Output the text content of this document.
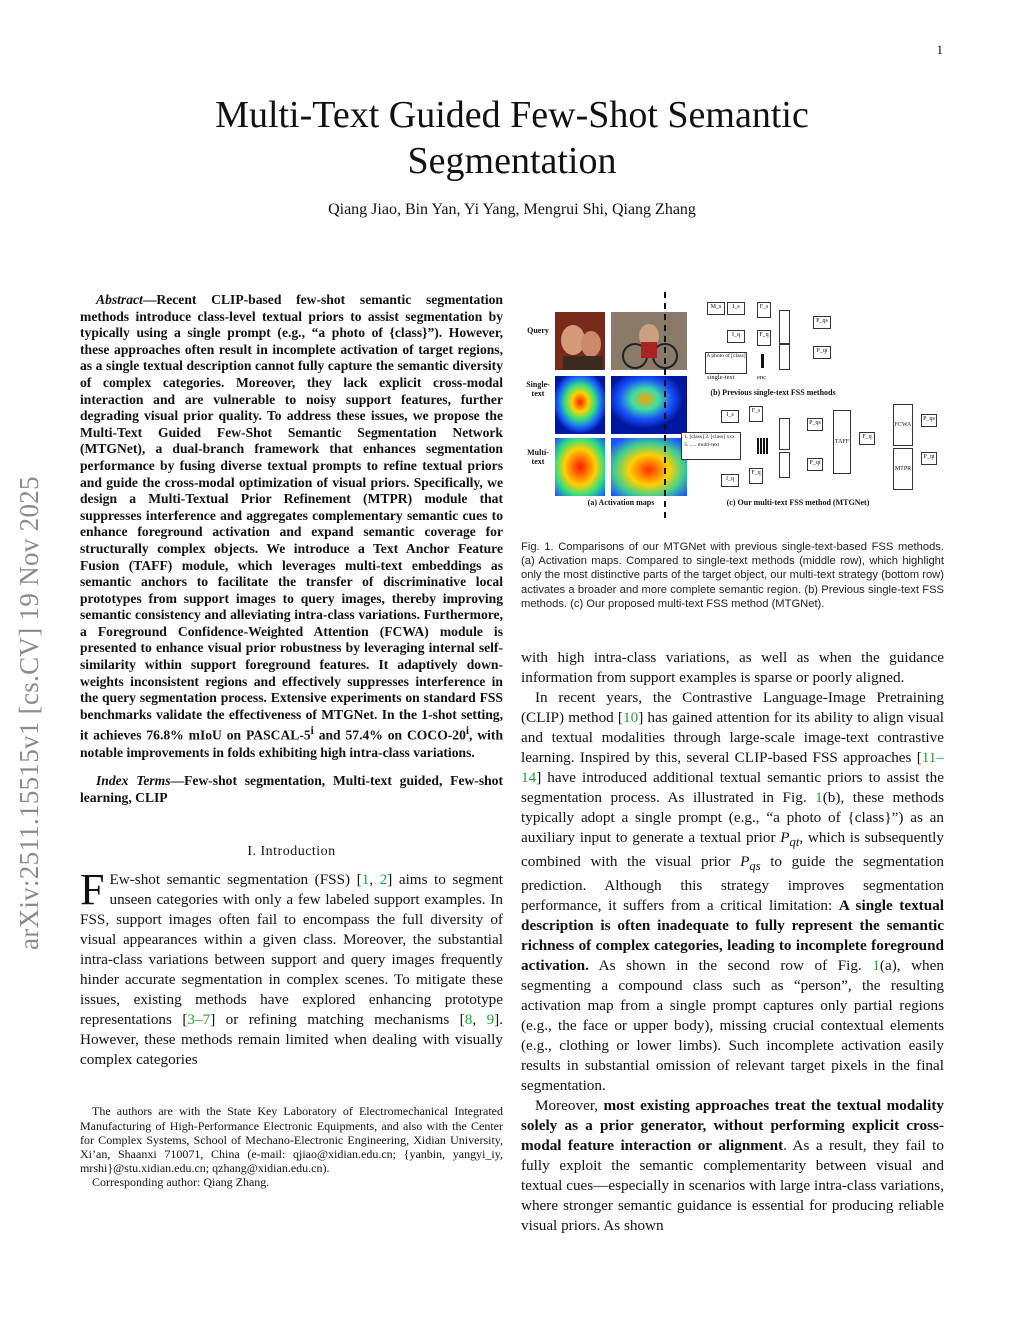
1
arXiv:2511.15515v1 [cs.CV] 19 Nov 2025
Multi-Text Guided Few-Shot Semantic
Segmentation
Qiang Jiao, Bin Yan, Yi Yang, Mengrui Shi, Qiang Zhang

Abstract—Recent CLIP-based few-shot semantic segmentation methods introduce class-level textual priors to assist segmentation by typically using a single prompt (e.g., “a photo of {class}”). However, these approaches often result in incomplete activation of target regions, as a single textual description cannot fully capture the semantic diversity of complex categories. Moreover, they lack explicit cross-modal interaction and are vulnerable to noisy support features, further degrading visual prior quality. To address these issues, we propose the Multi-Text Guided Few-Shot Semantic Segmentation Network (MTGNet), a dual-branch framework that enhances segmentation performance by fusing diverse textual prompts to refine textual priors and guide the cross-modal optimization of visual priors. Specifically, we design a Multi-Textual Prior Refinement (MTPR) module that suppresses interference and aggregates complementary semantic cues to enhance foreground activation and expand semantic coverage for structurally complex objects. We introduce a Text Anchor Feature Fusion (TAFF) module, which leverages multi-text embeddings as semantic anchors to facilitate the transfer of discriminative local prototypes from support images to query images, thereby improving semantic consistency and alleviating intra-class variations. Furthermore, a Foreground Confidence-Weighted Attention (FCWA) module is presented to enhance visual prior robustness by leveraging internal self-similarity within support foreground features. It adaptively down-weights inconsistent regions and effectively suppresses interference in the query segmentation process. Extensive experiments on standard FSS benchmarks validate the effectiveness of MTGNet. In the 1-shot setting, it achieves 76.8% mIoU on PASCAL-5$^i$ and 57.4% on COCO-20$^i$, with notable improvements in folds exhibiting high intra-class variations.

Index Terms—Few-shot segmentation, Multi-text guided, Few-shot learning, CLIP

I. Introduction

F Ew-shot semantic segmentation (FSS) [1, 2] aims to segment unseen categories with only a few labeled support examples. In FSS, support images often fail to encompass the full diversity of visual appearances within a given class. Moreover, the substantial intra-class variations between support and query images frequently hinder accurate segmentation in complex scenes. To mitigate these issues, existing methods have explored enhancing prototype representations [3–7] or refining matching mechanisms [8, 9]. However, these methods remain limited when dealing with visually complex categories

The authors are with the State Key Laboratory of Electromechanical Integrated Manufacturing of High-Performance Electronic Equipments, and also with the Center for Complex Systems, School of Mechano-Electronic Engineering, Xidian University, Xi’an, Shaanxi 710071, China (e-mail: qjiao@xidian.edu.cn; {yanbin, yangyi_iy, mrshi}@stu.xidian.edu.cn; qzhang@xidian.edu.cn).

Corresponding author: Qiang Zhang.

Query
Single-text
Multi-text
(a) Activation maps
M_s	I_s
I_q
F_s
F_q
P_qs
P_qt
A photo of [class]
single-text	enc
(b) Previous single-text FSS methods
I_s
F_s
1. [class] 2. [class] xxx 3. ..... multi-text
I_q
F_q
P_qs
P_qt
TAFF
F_q
FCWA
MTPR
P_qs
P_qt
(c) Our multi-text FSS method (MTGNet)
Fig. 1. Comparisons of our MTGNet with previous single-text-based FSS methods. (a) Activation maps. Compared to single-text methods (middle row), which highlight only the most distinctive parts of the target object, our multi-text strategy (bottom row) activates a broader and more complete semantic region. (b) Previous single-text FSS methods. (c) Our proposed multi-text FSS method (MTGNet).

with high intra-class variations, as well as when the guidance information from support examples is sparse or poorly aligned.

In recent years, the Contrastive Language-Image Pretraining (CLIP) method [10] has gained attention for its ability to align visual and textual modalities through large-scale image-text contrastive learning. Inspired by this, several CLIP-based FSS approaches [11–14] have introduced additional textual semantic priors to assist the segmentation process. As illustrated in Fig. 1(b), these methods typically adopt a single prompt (e.g., “a photo of {class}”) as an auxiliary input to generate a textual prior $P_{qt}$, which is subsequently combined with the visual prior $P_{qs}$ to guide the segmentation prediction. Although this strategy improves segmentation performance, it suffers from a critical limitation: A single textual description is often inadequate to fully represent the semantic richness of complex categories, leading to incomplete foreground activation. As shown in the second row of Fig. 1(a), when segmenting a compound class such as “person”, the resulting activation map from a single prompt captures only partial regions (e.g., the face or upper body), missing crucial contextual elements (e.g., clothing or lower limbs). Such incomplete activation easily results in substantial omission of relevant target pixels in the final segmentation.

Moreover, most existing approaches treat the textual modality solely as a prior generator, without performing explicit cross-modal feature interaction or alignment. As a result, they fail to fully exploit the semantic complementarity between visual and textual cues—especially in scenarios with large intra-class variations, where stronger semantic guidance is essential for producing reliable visual priors. As shown
